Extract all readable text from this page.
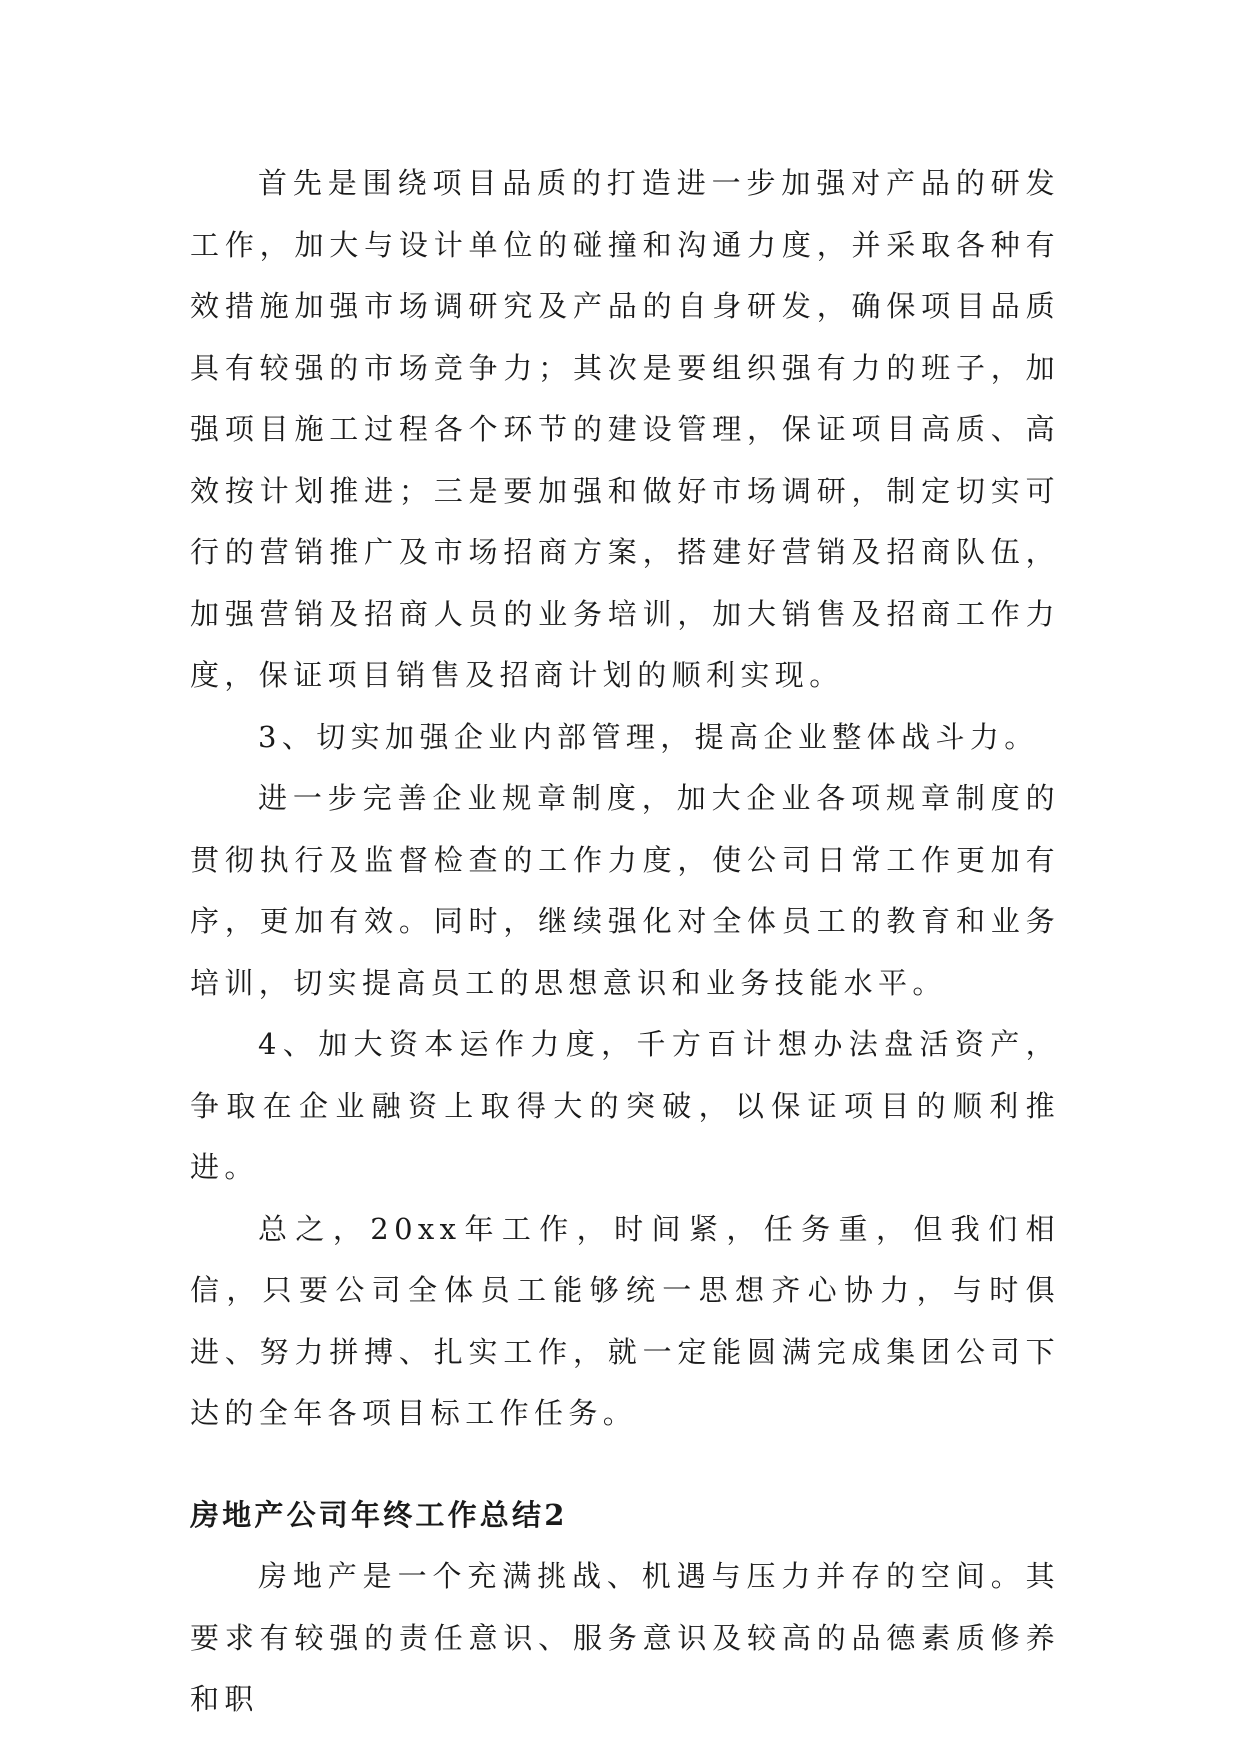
首先是围绕项目品质的打造进一步加强对产品的研发工作，加大与设计单位的碰撞和沟通力度，并采取各种有效措施加强市场调研究及产品的自身研发，确保项目品质具有较强的市场竞争力；其次是要组织强有力的班子，加强项目施工过程各个环节的建设管理，保证项目高质、高效按计划推进；三是要加强和做好市场调研，制定切实可行的营销推广及市场招商方案，搭建好营销及招商队伍，加强营销及招商人员的业务培训，加大销售及招商工作力度，保证项目销售及招商计划的顺利实现。

3、切实加强企业内部管理，提高企业整体战斗力。

进一步完善企业规章制度，加大企业各项规章制度的贯彻执行及监督检查的工作力度，使公司日常工作更加有序，更加有效。同时，继续强化对全体员工的教育和业务培训，切实提高员工的思想意识和业务技能水平。

4、加大资本运作力度，千方百计想办法盘活资产，争取在企业融资上取得大的突破，以保证项目的顺利推进。

总之，20xx年工作，时间紧，任务重，但我们相信，只要公司全体员工能够统一思想齐心协力，与时俱进、努力拼搏、扎实工作，就一定能圆满完成集团公司下达的全年各项目标工作任务。

房地产公司年终工作总结2

房地产是一个充满挑战、机遇与压力并存的空间。其要求有较强的责任意识、服务意识及较高的品德素质修养和职
